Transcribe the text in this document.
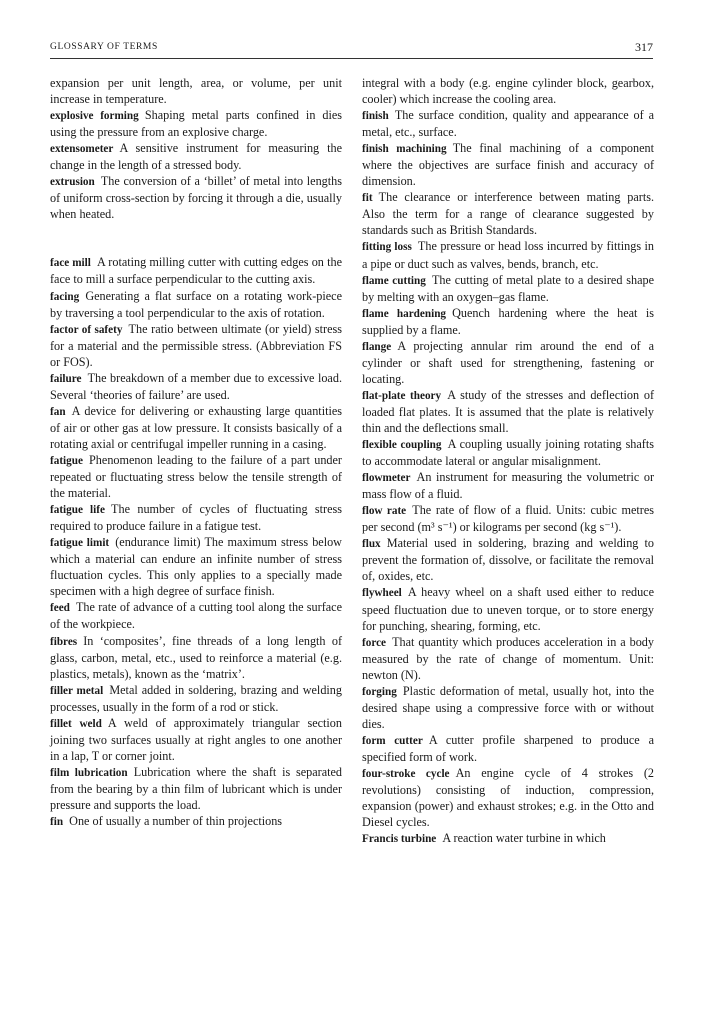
GLOSSARY OF TERMS	317

expansion per unit length, area, or volume, per unit increase in temperature.

explosive forming  Shaping metal parts confined in dies using the pressure from an explosive charge.

extensometer  A sensitive instrument for measuring the change in the length of a stressed body.

extrusion  The conversion of a ‘billet’ of metal into lengths of uniform cross-section by forcing it through a die, usually when heated.

face mill  A rotating milling cutter with cutting edges on the face to mill a surface perpendicular to the cutting axis.

facing  Generating a flat surface on a rotating work-piece by traversing a tool perpendicular to the axis of rotation.

factor of safety  The ratio between ultimate (or yield) stress for a material and the permissible stress. (Abbreviation FS or FOS).

failure  The breakdown of a member due to excessive load. Several ‘theories of failure’ are used.

fan  A device for delivering or exhausting large quantities of air or other gas at low pressure. It consists basically of a rotating axial or centrifugal impeller running in a casing.

fatigue  Phenomenon leading to the failure of a part under repeated or fluctuating stress below the tensile strength of the material.

fatigue life  The number of cycles of fluctuating stress required to produce failure in a fatigue test.

fatigue limit  (endurance limit) The maximum stress below which a material can endure an infinite number of stress fluctuation cycles. This only applies to a specially made specimen with a high degree of surface finish.

feed  The rate of advance of a cutting tool along the surface of the workpiece.

fibres  In ‘composites’, fine threads of a long length of glass, carbon, metal, etc., used to reinforce a material (e.g. plastics, metals), known as the ‘matrix’.

filler metal  Metal added in soldering, brazing and welding processes, usually in the form of a rod or stick.

fillet weld  A weld of approximately triangular section joining two surfaces usually at right angles to one another in a lap, T or corner joint.

film lubrication  Lubrication where the shaft is separated from the bearing by a thin film of lubricant which is under pressure and supports the load.

fin  One of usually a number of thin projections

integral with a body (e.g. engine cylinder block, gearbox, cooler) which increase the cooling area.

finish  The surface condition, quality and appearance of a metal, etc., surface.

finish machining  The final machining of a component where the objectives are surface finish and accuracy of dimension.

fit  The clearance or interference between mating parts. Also the term for a range of clearance suggested by standards such as British Standards.

fitting loss  The pressure or head loss incurred by fittings in a pipe or duct such as valves, bends, branch, etc.

flame cutting  The cutting of metal plate to a desired shape by melting with an oxygen–gas flame.

flame hardening  Quench hardening where the heat is supplied by a flame.

flange  A projecting annular rim around the end of a cylinder or shaft used for strengthening, fastening or locating.

flat-plate theory  A study of the stresses and deflection of loaded flat plates. It is assumed that the plate is relatively thin and the deflections small.

flexible coupling  A coupling usually joining rotating shafts to accommodate lateral or angular misalignment.

flowmeter  An instrument for measuring the volumetric or mass flow of a fluid.

flow rate  The rate of flow of a fluid. Units: cubic metres per second (m³ s⁻¹) or kilograms per second (kg s⁻¹).

flux  Material used in soldering, brazing and welding to prevent the formation of, dissolve, or facilitate the removal of, oxides, etc.

flywheel  A heavy wheel on a shaft used either to reduce speed fluctuation due to uneven torque, or to store energy for punching, shearing, forming, etc.

force  That quantity which produces acceleration in a body measured by the rate of change of momentum. Unit: newton (N).

forging  Plastic deformation of metal, usually hot, into the desired shape using a compressive force with or without dies.

form cutter  A cutter profile sharpened to produce a specified form of work.

four-stroke cycle  An engine cycle of 4 strokes (2 revolutions) consisting of induction, compression, expansion (power) and exhaust strokes; e.g. in the Otto and Diesel cycles.

Francis turbine  A reaction water turbine in which
